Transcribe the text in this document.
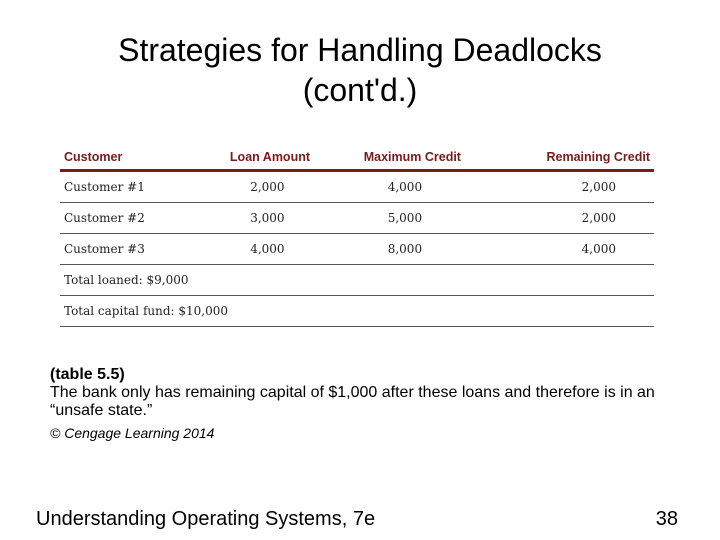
Strategies for Handling Deadlocks
(cont'd.)
Customer	Loan Amount	Maximum Credit	Remaining Credit
Customer #1	2,000	4,000	2,000
Customer #2	3,000	5,000	2,000
Customer #3	4,000	8,000	4,000
Total loaned: $9,000			
Total capital fund: $10,000			
(table 5.5)
The bank only has remaining capital of $1,000 after these loans and therefore is in an “unsafe state.”
© Cengage Learning 2014
Understanding Operating Systems, 7e	38
